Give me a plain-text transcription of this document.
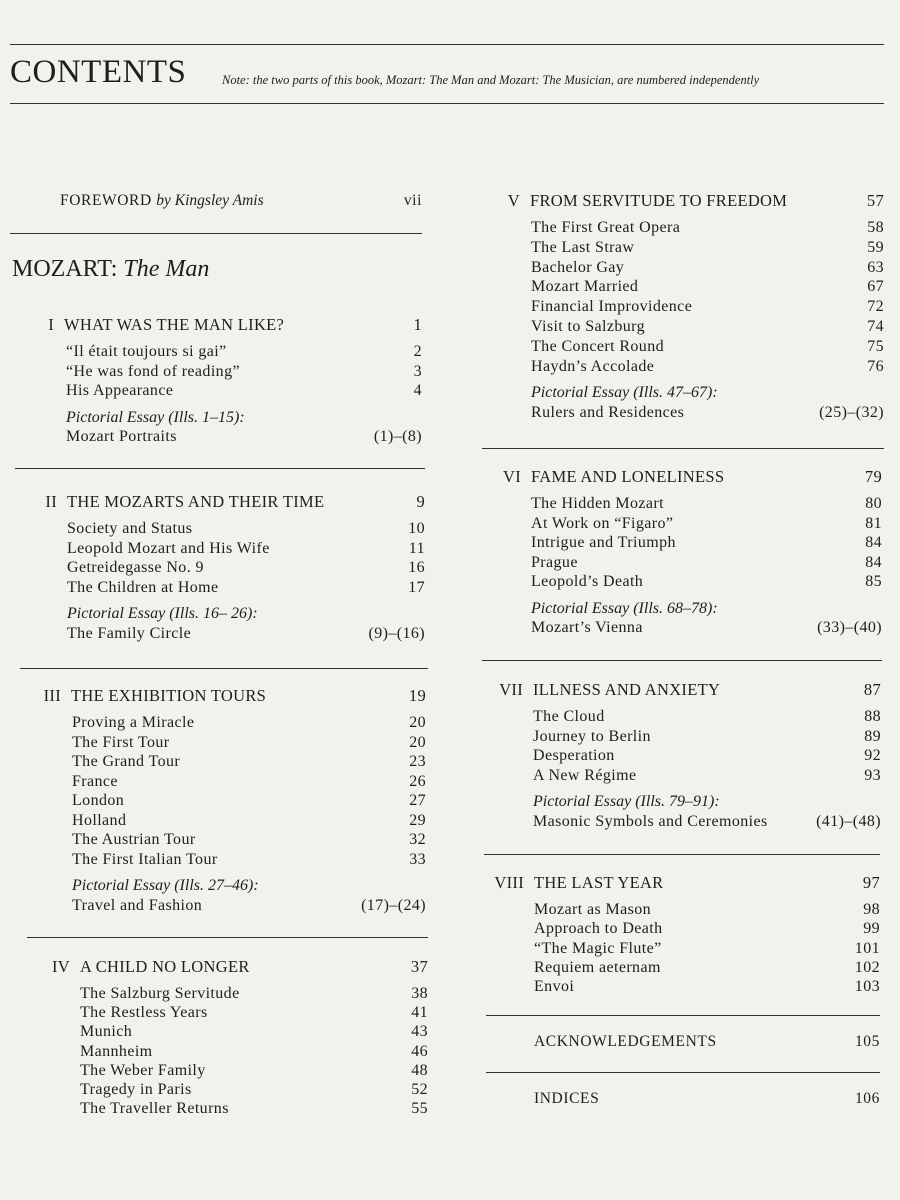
CONTENTS	Note: the two parts of this book, Mozart: The Man and Mozart: The Musician, are numbered independently
FOREWORD by Kingsley Amis	vii
MOZART: The Man
I WHAT WAS THE MAN LIKE?	1
“Il était toujours si gai”	2
“He was fond of reading”	3
His Appearance	4
Pictorial Essay (Ills. 1–15):
Mozart Portraits	(1)–(8)
II THE MOZARTS AND THEIR TIME	9
Society and Status	10
Leopold Mozart and His Wife	11
Getreidegasse No. 9	16
The Children at Home	17
Pictorial Essay (Ills. 16– 26):
The Family Circle	(9)–(16)
III THE EXHIBITION TOURS	19
Proving a Miracle	20
The First Tour	20
The Grand Tour	23
France	26
London	27
Holland	29
The Austrian Tour	32
The First Italian Tour	33
Pictorial Essay (Ills. 27–46):
Travel and Fashion	(17)–(24)
IV A CHILD NO LONGER	37
The Salzburg Servitude	38
The Restless Years	41
Munich	43
Mannheim	46
The Weber Family	48
Tragedy in Paris	52
The Traveller Returns	55
V FROM SERVITUDE TO FREEDOM	57
The First Great Opera	58
The Last Straw	59
Bachelor Gay	63
Mozart Married	67
Financial Improvidence	72
Visit to Salzburg	74
The Concert Round	75
Haydn’s Accolade	76
Pictorial Essay (Ills. 47–67):
Rulers and Residences	(25)–(32)
VI FAME AND LONELINESS	79
The Hidden Mozart	80
At Work on “Figaro”	81
Intrigue and Triumph	84
Prague	84
Leopold’s Death	85
Pictorial Essay (Ills. 68–78):
Mozart’s Vienna	(33)–(40)
VII ILLNESS AND ANXIETY	87
The Cloud	88
Journey to Berlin	89
Desperation	92
A New Régime	93
Pictorial Essay (Ills. 79–91):
Masonic Symbols and Ceremonies	(41)–(48)
VIII THE LAST YEAR	97
Mozart as Mason	98
Approach to Death	99
“The Magic Flute”	101
Requiem aeternam	102
Envoi	103
ACKNOWLEDGEMENTS	105
INDICES	106
